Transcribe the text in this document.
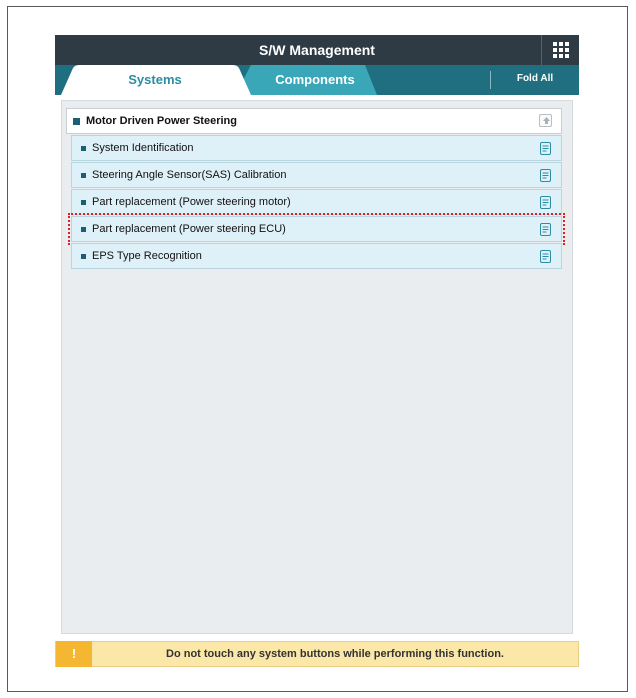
S/W Management
Systems	Components	Fold All
Motor Driven Power Steering
System Identification
Steering Angle Sensor(SAS) Calibration
Part replacement (Power steering motor)
Part replacement (Power steering ECU)
EPS Type Recognition
!	Do not touch any system buttons while performing this function.
